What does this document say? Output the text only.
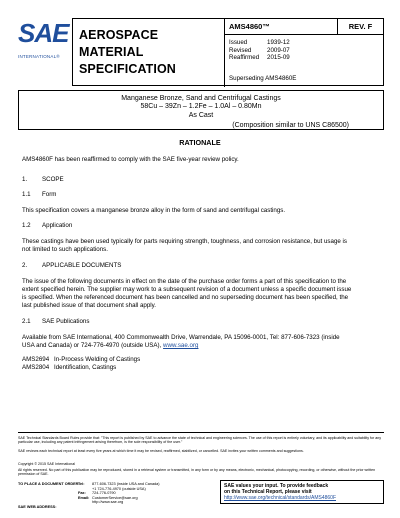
SAE
INTERNATIONAL®
AEROSPACE
MATERIAL SPECIFICATION
AMS4860™	REV. F
Issued	1939-12
Revised	2009-07
Reaffirmed 2015-09
Superseding AMS4860E
Manganese Bronze, Sand and Centrifugal Castings
58Cu – 39Zn – 1.2Fe – 1.0Al – 0.80Mn
As Cast
(Composition similar to UNS C86500)
RATIONALE
AMS4860F has been reaffirmed to comply with the SAE five-year review policy.
1. SCOPE
1.1 Form
This specification covers a manganese bronze alloy in the form of sand and centrifugal castings.
1.2 Application
These castings have been used typically for parts requiring strength, toughness, and corrosion resistance, but usage is
not limited to such applications.
2. APPLICABLE DOCUMENTS
The issue of the following documents in effect on the date of the purchase order forms a part of this specification to the
extent specified herein. The supplier may work to a subsequent revision of a document unless a specific document issue
is specified. When the referenced document has been cancelled and no superseding document has been specified, the
last published issue of that document shall apply.
2.1 SAE Publications
Available from SAE International, 400 Commonwealth Drive, Warrendale, PA 15096-0001, Tel: 877-606-7323 (inside
USA and Canada) or 724-776-4970 (outside USA), www.sae.org
AMS2694 In-Process Welding of Castings
AMS2804 Identification, Castings
SAE Technical Standards Board Rules provide that: "This report is published by SAE to advance the state of technical and engineering sciences. The use of this report is entirely voluntary, and its applicability and suitability for any particular use, including any patent infringement arising therefrom, is the sole responsibility of the user."
SAE reviews each technical report at least every five years at which time it may be revised, reaffirmed, stabilized, or cancelled. SAE invites your written comments and suggestions.
Copyright © 2015 SAE International
All rights reserved. No part of this publication may be reproduced, stored in a retrieval system or transmitted, in any form or by any means, electronic, mechanical, photocopying, recording, or otherwise, without the prior written permission of SAE.
TO PLACE A DOCUMENT ORDER:
SAE WEB ADDRESS:
Tel: 877-606-7323 (inside USA and Canada)
+1 724-776-4970 (outside USA)
Fax: 724-776-0790
Email: CustomerService@sae.org
http://www.sae.org
SAE values your input. To provide feedback
on this Technical Report, please visit
http://www.sae.org/technical/standards/AMS4860F
